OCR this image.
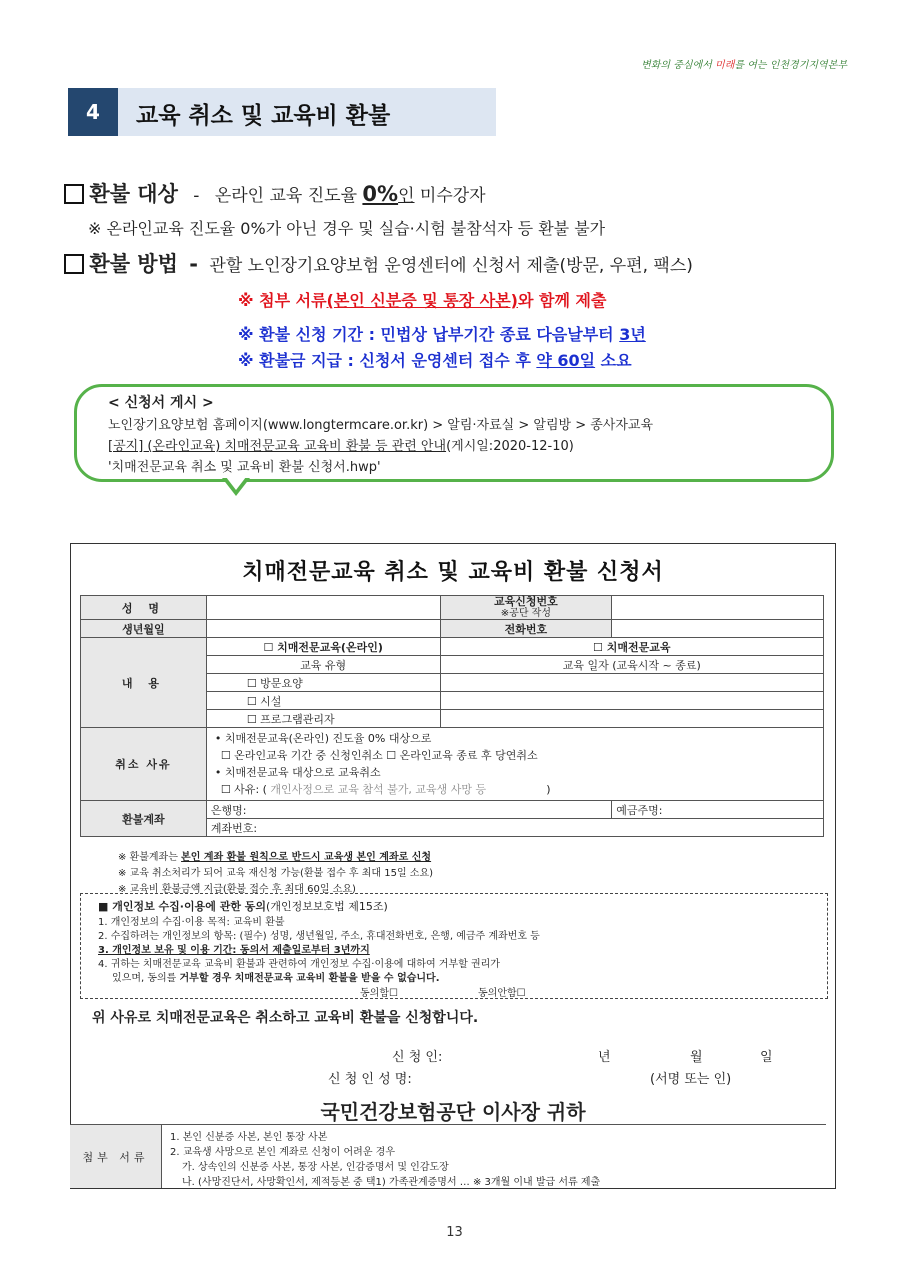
변화의 중심에서 미래를 여는 인천경기지역본부
4	교육 취소 및 교육비 환불
환불 대상 - 온라인 교육 진도율 0%인 미수강자
※ 온라인교육 진도율 0%가 아닌 경우 및 실습·시험 불참석자 등 환불 불가
환불 방법 - 관할 노인장기요양보험 운영센터에 신청서 제출(방문, 우편, 팩스)
※ 첨부 서류(본인 신분증 및 통장 사본)와 함께 제출
※ 환불 신청 기간 : 민법상 납부기간 종료 다음날부터 3년
※ 환불금 지급 : 신청서 운영센터 접수 후 약 60일 소요
< 신청서 게시 >
노인장기요양보험 홈페이지(www.longtermcare.or.kr) > 알림·자료실 > 알림방 > 종사자교육
[공지] (온라인교육) 치매전문교육 교육비 환불 등 관련 안내(게시일:2020-12-10)
'치매전문교육 취소 및 교육비 환불 신청서.hwp'
치매전문교육 취소 및 교육비 환불 신청서
성 명		교육신청번호
※공단 작성	
생년월일		전화번호	
내 용	☐ 치매전문교육(온라인)	☐ 치매전문교육	
	교육 유형	교육 일자 (교육시작 ~ 종료)	
	☐ 방문요양		
	☐ 시설		
	☐ 프로그램관리자		
취소 사유	• 치매전문교육(온라인) 진도율 0% 대상으로
☐ 온라인교육 기간 중 신청인취소 ☐ 온라인교육 종료 후 당연취소
• 치매전문교육 대상으로 교육취소
☐ 사유: ( 개인사정으로 교육 참석 불가, 교육생 사망 등 )		

환불계좌	은행명:		예금주명:
	계좌번호:		
※ 환불계좌는 본인 계좌 환불 원칙으로 반드시 교육생 본인 계좌로 신청
※ 교육 취소처리가 되어 교육 재신청 가능(환불 접수 후 최대 15일 소요)
※ 교육비 환불금액 지급(환불 접수 후 최대 60일 소요)
■ 개인정보 수집·이용에 관한 동의(개인정보보호법 제15조)
1. 개인정보의 수집·이용 목적: 교육비 환불
2. 수집하려는 개인정보의 항목: (필수) 성명, 생년월일, 주소, 휴대전화번호, 은행, 예금주 계좌번호 등
3. 개인정보 보유 및 이용 기간: 동의서 제출일로부터 3년까지
4. 귀하는 치매전문교육 교육비 환불과 관련하여 개인정보 수집·이용에 대하여 거부할 권리가
있으며, 동의를 거부할 경우 치매전문교육 교육비 환불을 받을 수 없습니다.
동의함☐	동의안함☐
위 사유로 치매전문교육은 취소하고 교육비 환불을 신청합니다.
신 청 인:	년	월	일
신 청 인 성 명:	(서명 또는 인)
국민건강보험공단 이사장 귀하
첨부 서류
1. 본인 신분증 사본, 본인 통장 사본
2. 교육생 사망으로 본인 계좌로 신청이 어려운 경우
가. 상속인의 신분증 사본, 통장 사본, 인감증명서 및 인감도장
나. (사망진단서, 사망확인서, 제적등본 중 택1) 가족관계증명서 … ※ 3개월 이내 발급 서류 제출
13
